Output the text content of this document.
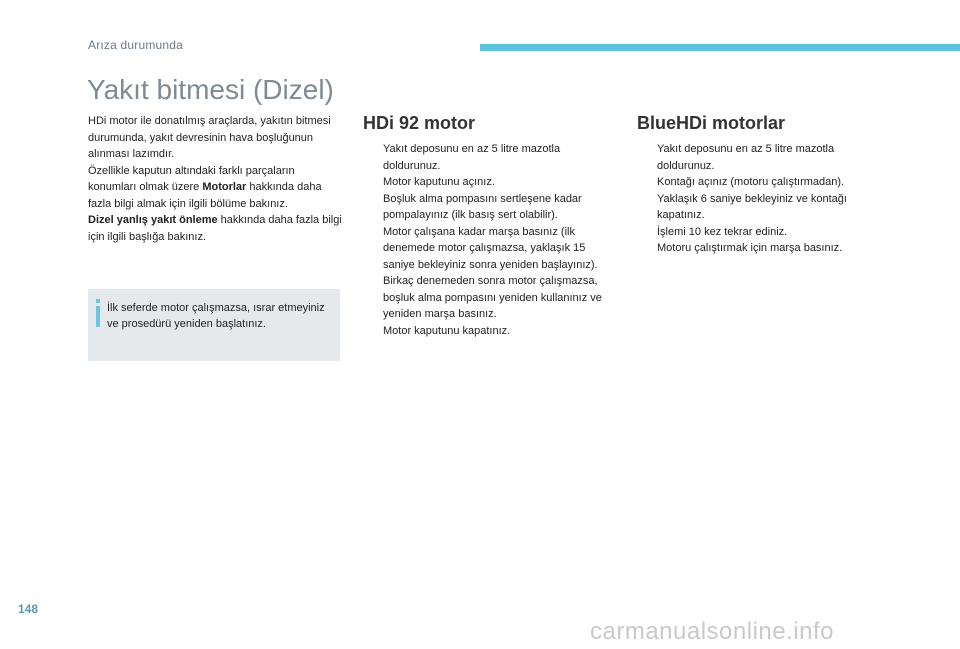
Arıza durumunda
Yakıt bitmesi (Dizel)

HDi motor ile donatılmış araçlarda, yakıtın bitmesi durumunda, yakıt devresinin hava boşluğunun alınması lazımdır.

Özellikle kaputun altındaki farklı parçaların konumları olmak üzere Motorlar hakkında daha fazla bilgi almak için ilgili bölüme bakınız.
Dizel yanlış yakıt önleme hakkında daha fazla bilgi için ilgili başlığa bakınız.

İlk seferde motor çalışmazsa, ısrar etmeyiniz ve prosedürü yeniden başlatınız.
HDi 92 motor
Yakıt deposunu en az 5 litre mazotla doldurunuz.
Motor kaputunu açınız.
Boşluk alma pompasını sertleşene kadar pompalayınız (ilk basış sert olabilir).
Motor çalışana kadar marşa basınız (ilk denemede motor çalışmazsa, yaklaşık 15 saniye bekleyiniz sonra yeniden başlayınız).
Birkaç denemeden sonra motor çalışmazsa, boşluk alma pompasını yeniden kullanınız ve yeniden marşa basınız.
Motor kaputunu kapatınız.
BlueHDi motorlar
Yakıt deposunu en az 5 litre mazotla doldurunuz.
Kontağı açınız (motoru çalıştırmadan).
Yaklaşık 6 saniye bekleyiniz ve kontağı kapatınız.
İşlemi 10 kez tekrar ediniz.
Motoru çalıştırmak için marşa basınız.
148
carmanualsonline.info
